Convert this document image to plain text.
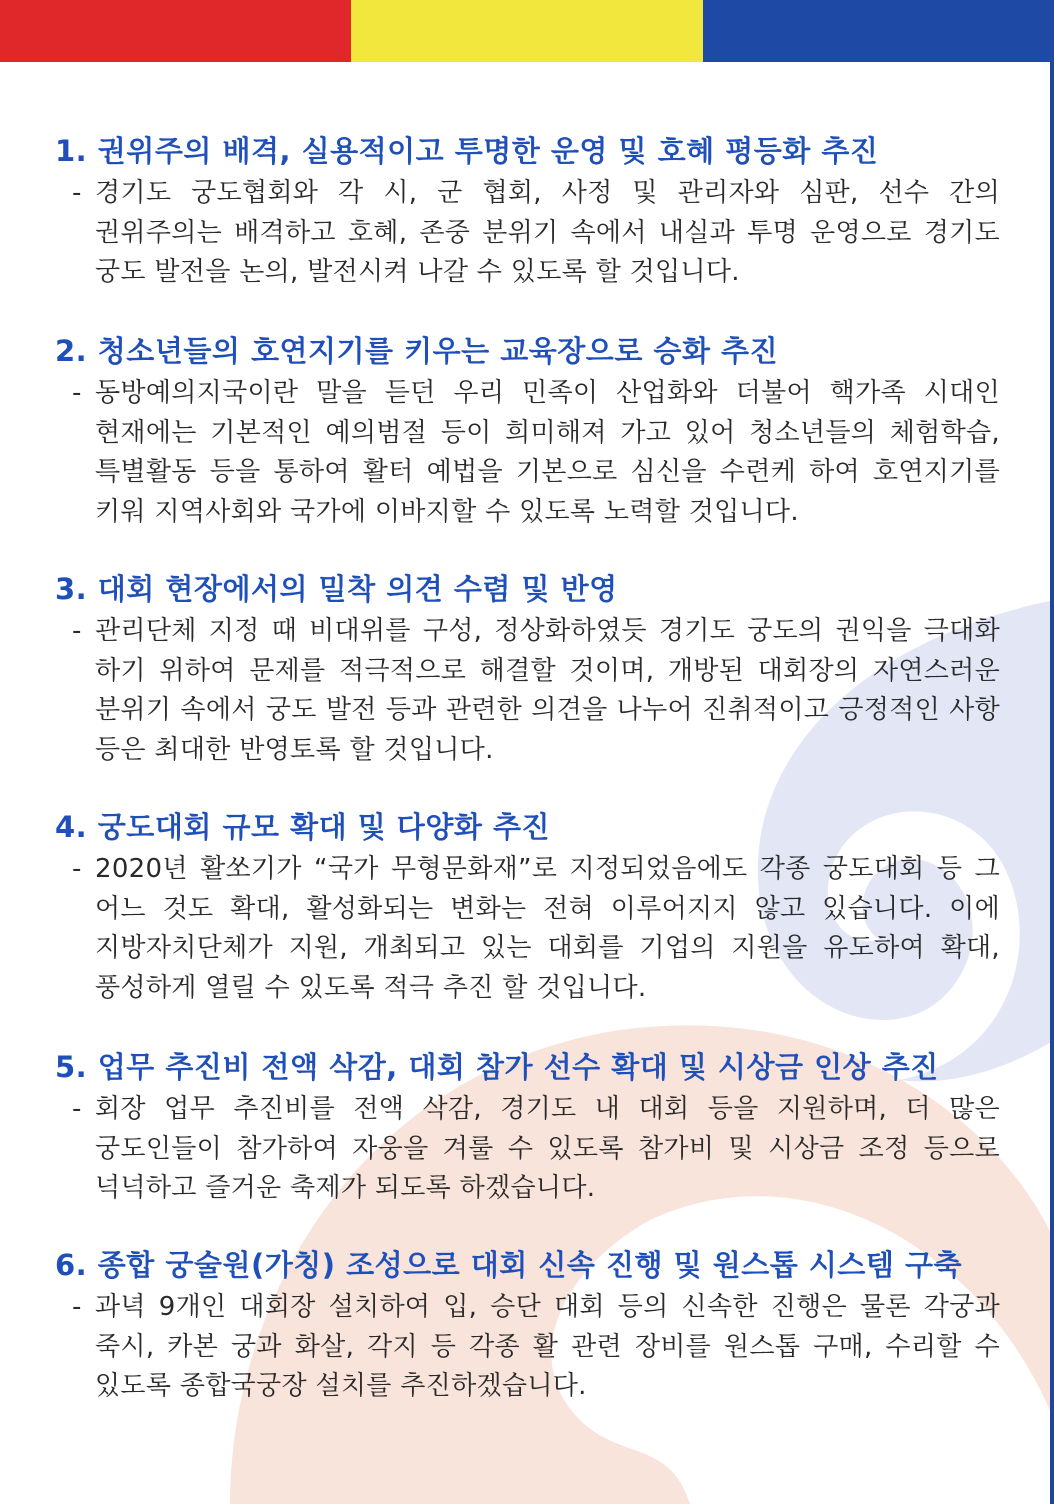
1. 권위주의 배격, 실용적이고 투명한 운영 및 호혜 평등화 추진

- 경기도 궁도협회와 각 시, 군 협회, 사정 및 관리자와 심판, 선수 간의 권위주의는 배격하고 호혜, 존중 분위기 속에서 내실과 투명 운영으로 경기도 궁도 발전을 논의, 발전시켜 나갈 수 있도록 할 것입니다.

2. 청소년들의 호연지기를 키우는 교육장으로 승화 추진

- 동방예의지국이란 말을 듣던 우리 민족이 산업화와 더불어 핵가족 시대인 현재에는 기본적인 예의범절 등이 희미해져 가고 있어 청소년들의 체험학습, 특별활동 등을 통하여 활터 예법을 기본으로 심신을 수련케 하여 호연지기를 키워 지역사회와 국가에 이바지할 수 있도록 노력할 것입니다.

3. 대회 현장에서의 밀착 의견 수렴 및 반영

- 관리단체 지정 때 비대위를 구성, 정상화하였듯 경기도 궁도의 권익을 극대화 하기 위하여 문제를 적극적으로 해결할 것이며, 개방된 대회장의 자연스러운 분위기 속에서 궁도 발전 등과 관련한 의견을 나누어 진취적이고 긍정적인 사항 등은 최대한 반영토록 할 것입니다.

4. 궁도대회 규모 확대 및 다양화 추진

- 2020년 활쏘기가 “국가 무형문화재”로 지정되었음에도 각종 궁도대회 등 그 어느 것도 확대, 활성화되는 변화는 전혀 이루어지지 않고 있습니다. 이에 지방자치단체가 지원, 개최되고 있는 대회를 기업의 지원을 유도하여 확대, 풍성하게 열릴 수 있도록 적극 추진 할 것입니다.

5. 업무 추진비 전액 삭감, 대회 참가 선수 확대 및 시상금 인상 추진

- 회장 업무 추진비를 전액 삭감, 경기도 내 대회 등을 지원하며, 더 많은 궁도인들이 참가하여 자웅을 겨룰 수 있도록 참가비 및 시상금 조정 등으로 넉넉하고 즐거운 축제가 되도록 하겠습니다.

6. 종합 궁술원(가칭) 조성으로 대회 신속 진행 및 원스톱 시스템 구축

- 과녁 9개인 대회장 설치하여 입, 승단 대회 등의 신속한 진행은 물론 각궁과 죽시, 카본 궁과 화살, 각지 등 각종 활 관련 장비를 원스톱 구매, 수리할 수 있도록 종합국궁장 설치를 추진하겠습니다.
